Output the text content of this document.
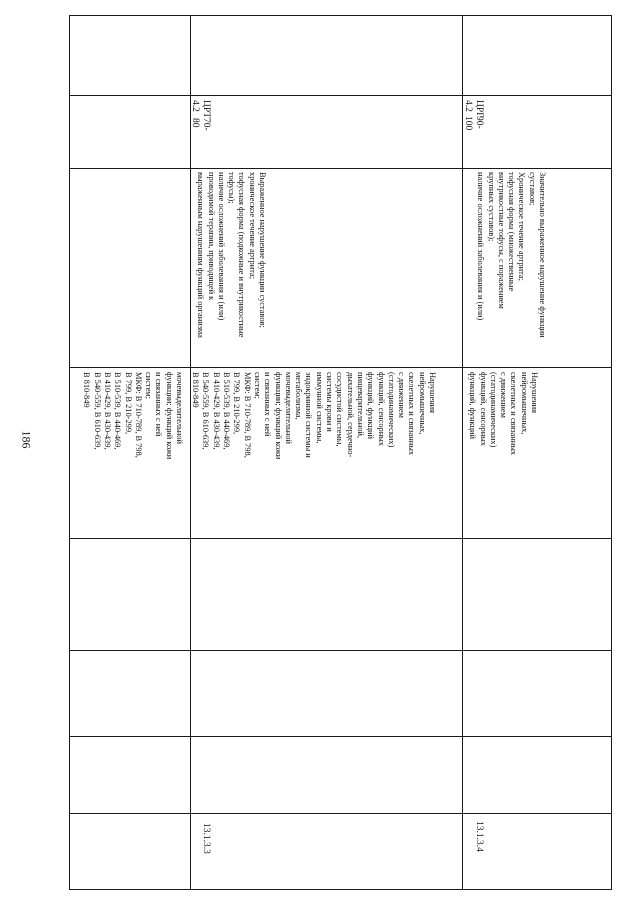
186	мочевыделительной
функции; функций кожи
и связанных с ней
систем;
МКФ: В 710-789, В 798,
В 799, В 210-299,
В 510-539, В 440-469,
В 410-429, В 430-439,
В 540-559, В 610-639,
В 810-849
ЦРТ 4.2
70-80
Выраженное нарушение функции суставов;
хроническое течение артрита;
тофусная форма (подкожные и внутрикостные
тофусы);
наличие осложнений заболевания и (или)
проводимой терапии, приводящей к
выраженным нарушениям функций организма
Нарушения
нейромышечных,
скелетных и связанных
с движением
(статодинамических)
функций, сенсорных
функций, функций
пищеварительной,
дыхательной, сердечно-
сосудистой системы,
системы крови и
иммунной системы,
эндокринной системы и
метаболизма,
мочевыделительной
функции; функций кожи
и связанных с ней
систем;
МКФ: В 710-789, В 798,
В 799, В 210-299,
В 510-539, В 440-469,
В 410-429, В 430-439,
В 540-559, В 610-639,
В 810-849
13.1.3.3
ЦРГ 4.2
90-100
Значительно выраженное нарушение функции
суставов;
Хроническое течение артрита;
тофусная форма (множественные
внутрикостные тофусы, с поражением
крупных суставов);
наличие осложнений заболевания и (или)
Нарушения
нейромышечных,
скелетных и связанных
с движением
(статодинамических)
функций, сенсорных
функций, функций
13.1.3.4
